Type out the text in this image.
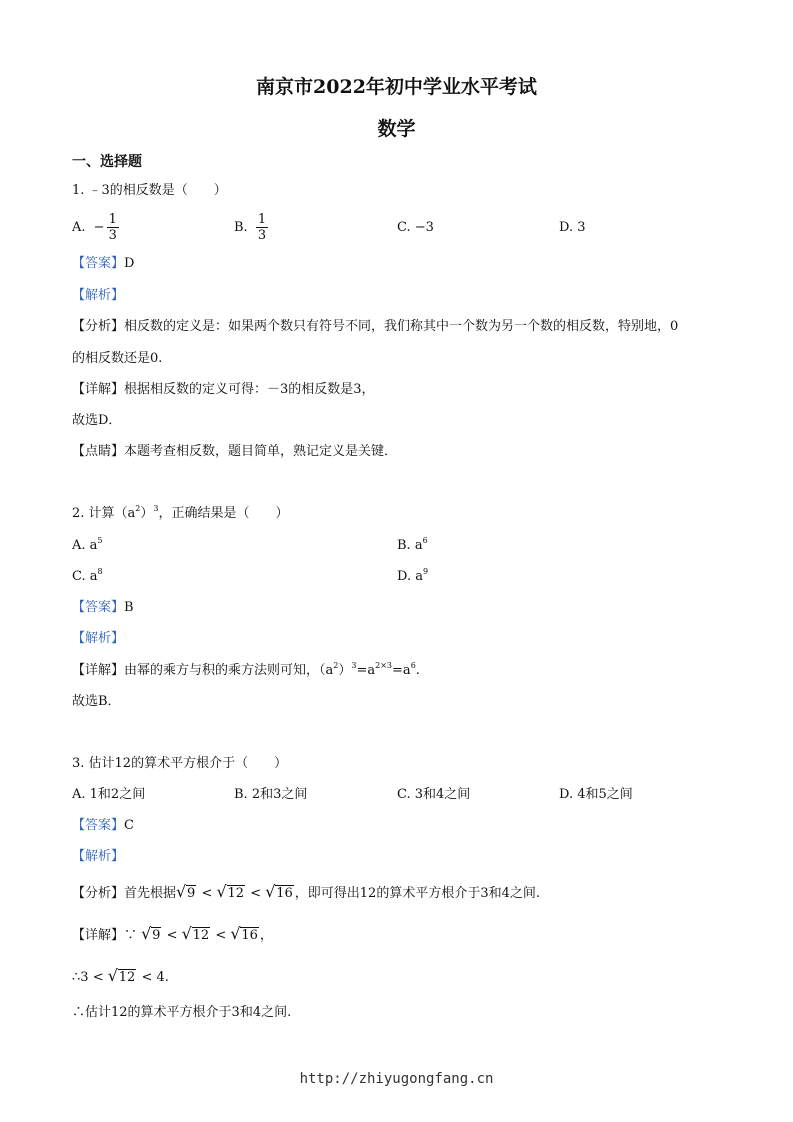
南京市2022年初中学业水平考试
数学
一、选择题
1. ﹣3的相反数是（　　）
A. − $\frac{1}{3}$	B. $\frac{1}{3}$	C. −3	D. 3
【答案】D
【解析】
【分析】相反数的定义是：如果两个数只有符号不同，我们称其中一个数为另一个数的相反数，特别地，0
的相反数还是0.
【详解】根据相反数的定义可得：－3的相反数是3，
故选D．
【点睛】本题考查相反数，题目简单，熟记定义是关键．
2. 计算$(a^2)^3$，正确结果是（　　）
A. $a^5$	B. $a^6$
C. $a^8$	D. $a^9$
【答案】B
【解析】
【详解】由幂的乘方与积的乘方法则可知，$(a^2)^3=a^{2\times 3}=a^6$.
故选B．
3. 估计12的算术平方根介于（　　）
A. 1和2之间	B. 2和3之间	C. 3和4之间	D. 4和5之间
【答案】C
【解析】
【分析】首先根据 √ 9 < √ 12 < √ 16 ，即可得出12的算术平方根介于3和4之间.
【详解】∵ √ 9 < √ 12 < √ 16 ，
∴3 < √ 12 < 4.
∴估计12的算术平方根介于3和4之间.
http://zhiyugongfang.cn
